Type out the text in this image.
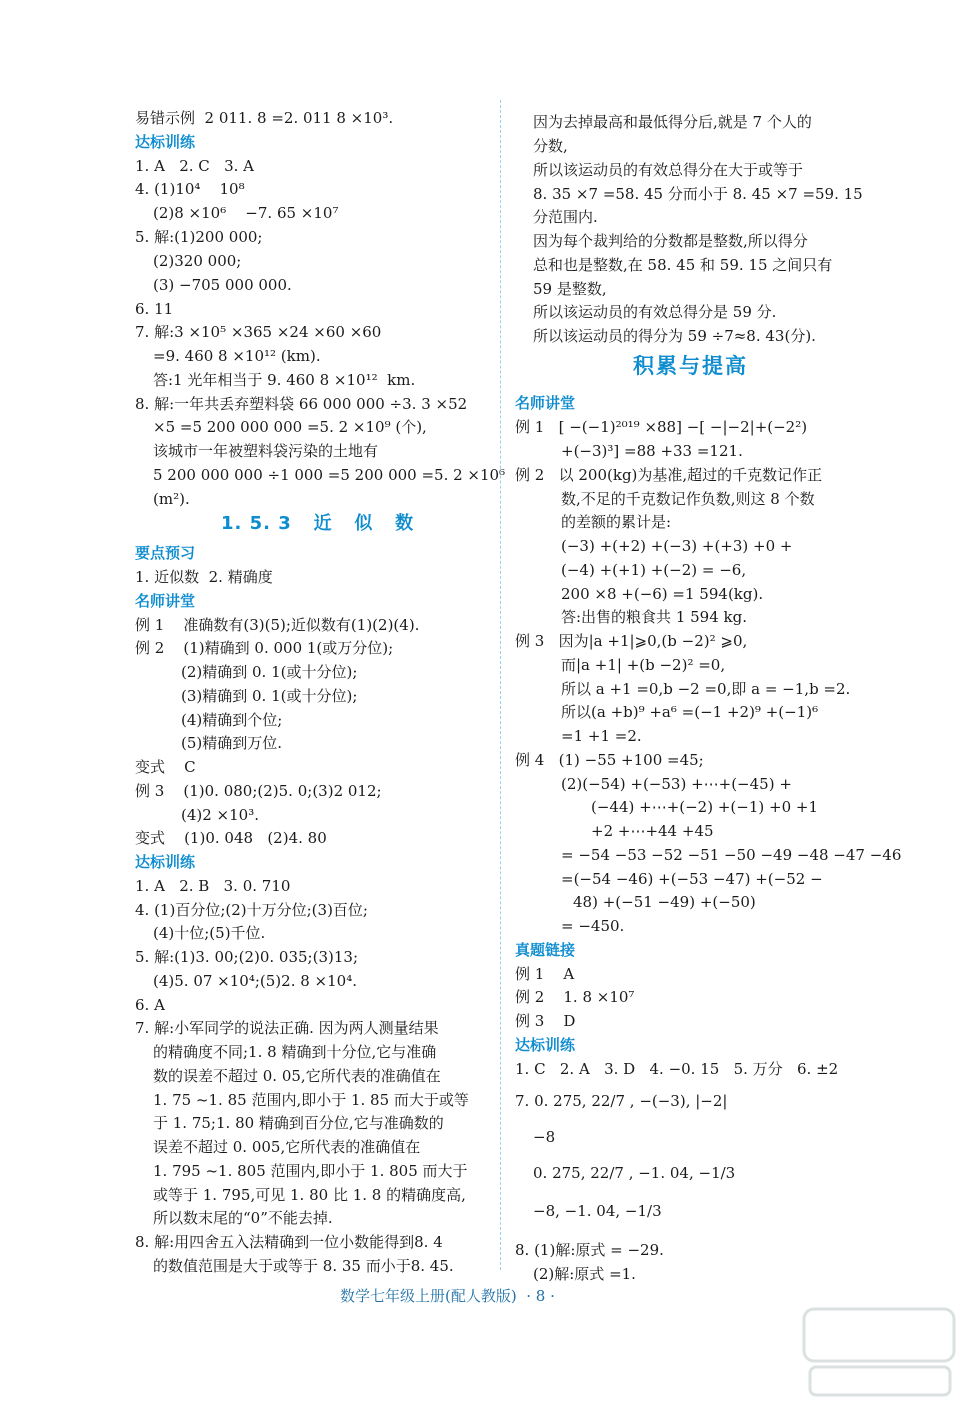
易错示例  2 011. 8 =2. 011 8 ×10³.
达标训练
1. A   2. C   3. A
4. (1)10⁴    10⁸
(2)8 ×10⁶    −7. 65 ×10⁷
5. 解:(1)200 000;
(2)320 000;
(3) −705 000 000.
6. 11
7. 解:3 ×10⁵ ×365 ×24 ×60 ×60
=9. 460 8 ×10¹² (km).
答:1 光年相当于 9. 460 8 ×10¹²  km.
8. 解:一年共丢弃塑料袋 66 000 000 ÷3. 3 ×52
×5 =5 200 000 000 =5. 2 ×10⁹ (个),
该城市一年被塑料袋污染的土地有
5 200 000 000 ÷1 000 =5 200 000 =5. 2 ×10⁶
(m²).
1. 5. 3   近   似   数
要点预习
1. 近似数  2. 精确度
名师讲堂
例 1    准确数有(3)(5);近似数有(1)(2)(4).
例 2    (1)精确到 0. 000 1(或万分位);
(2)精确到 0. 1(或十分位);
(3)精确到 0. 1(或十分位);
(4)精确到个位;
(5)精确到万位.
变式    C
例 3    (1)0. 080;(2)5. 0;(3)2 012;
(4)2 ×10³.
变式    (1)0. 048   (2)4. 80
达标训练
1. A   2. B   3. 0. 710
4. (1)百分位;(2)十万分位;(3)百位;
(4)十位;(5)千位.
5. 解:(1)3. 00;(2)0. 035;(3)13;
(4)5. 07 ×10⁴;(5)2. 8 ×10⁴.
6. A
7. 解:小军同学的说法正确. 因为两人测量结果
的精确度不同;1. 8 精确到十分位,它与准确
数的误差不超过 0. 05,它所代表的准确值在
1. 75 ~1. 85 范围内,即小于 1. 85 而大于或等
于 1. 75;1. 80 精确到百分位,它与准确数的
误差不超过 0. 005,它所代表的准确值在
1. 795 ~1. 805 范围内,即小于 1. 805 而大于
或等于 1. 795,可见 1. 80 比 1. 8 的精确度高,
所以数末尾的“0”不能去掉.
8. 解:用四舍五入法精确到一位小数能得到8. 4
的数值范围是大于或等于 8. 35 而小于8. 45.
因为去掉最高和最低得分后,就是 7 个人的
分数,
所以该运动员的有效总得分在大于或等于
8. 35 ×7 =58. 45 分而小于 8. 45 ×7 =59. 15
分范围内.
因为每个裁判给的分数都是整数,所以得分
总和也是整数,在 58. 45 和 59. 15 之间只有
59 是整数,
所以该运动员的有效总得分是 59 分.
所以该运动员的得分为 59 ÷7≈8. 43(分).
积累与提高
名师讲堂
例 1   [ −(−1)²⁰¹⁹ ×88] −[ −|−2|+(−2²)
+(−3)³] =88 +33 =121.
例 2   以 200(kg)为基准,超过的千克数记作正
数,不足的千克数记作负数,则这 8 个数
的差额的累计是:
(−3) +(+2) +(−3) +(+3) +0 +
(−4) +(+1) +(−2) = −6,
200 ×8 +(−6) =1 594(kg).
答:出售的粮食共 1 594 kg.
例 3   因为|a +1|⩾0,(b −2)² ⩾0,
而|a +1| +(b −2)² =0,
所以 a +1 =0,b −2 =0,即 a = −1,b =2.
所以(a +b)⁹ +a⁶ =(−1 +2)⁹ +(−1)⁶
=1 +1 =2.
例 4   (1) −55 +100 =45;
(2)(−54) +(−53) +⋯+(−45) +
(−44) +⋯+(−2) +(−1) +0 +1
+2 +⋯+44 +45
= −54 −53 −52 −51 −50 −49 −48 −47 −46
=(−54 −46) +(−53 −47) +(−52 −
48) +(−51 −49) +(−50)
= −450.
真题链接
例 1    A
例 2    1. 8 ×10⁷
例 3    D
达标训练
1. C   2. A   3. D   4. −0. 15   5. 万分   6. ±2
7. 0. 275, 22/7 , −(−3), |−2|
−8
0. 275, 22/7 , −1. 04, −1/3
−8, −1. 04, −1/3
8. (1)解:原式 = −29.
(2)解:原式 =1.
数学七年级上册(配人教版)  · 8 ·
